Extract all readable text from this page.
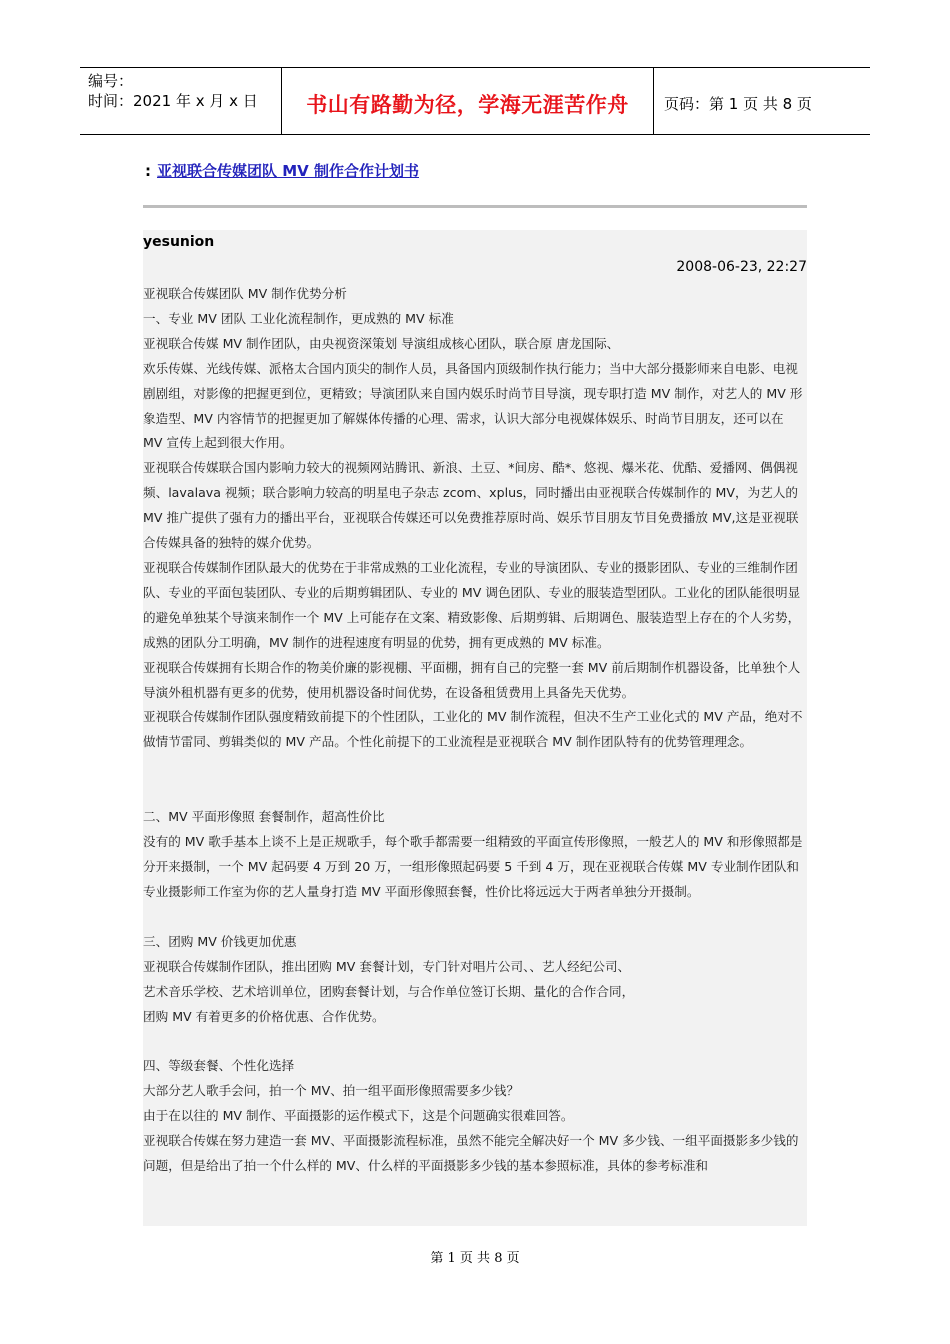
编号：
时间：2021 年 x 月 x 日	书山有路勤为径，学海无涯苦作舟	页码：第 1 页 共 8 页
: 亚视联合传媒团队 MV 制作合作计划书
yesunion
2008-06-23, 22:27

亚视联合传媒团队 MV 制作优势分析

一、专业 MV 团队 工业化流程制作，更成熟的 MV 标准

亚视联合传媒 MV 制作团队，由央视资深策划 导演组成核心团队，联合原 唐龙国际、

欢乐传媒、光线传媒、派格太合国内顶尖的制作人员，具备国内顶级制作执行能力；当中大部分摄影师来自电影、电视剧剧组，对影像的把握更到位，更精致；导演团队来自国内娱乐时尚节目导演，现专职打造 MV 制作，对艺人的 MV 形象造型、MV 内容情节的把握更加了解媒体传播的心理、需求，认识大部分电视媒体娱乐、时尚节目朋友，还可以在 MV 宣传上起到很大作用。

亚视联合传媒联合国内影响力较大的视频网站腾讯、新浪、土豆、*间房、酷*、悠视、爆米花、优酷、爱播网、偶偶视频、lavalava 视频；联合影响力较高的明星电子杂志 zcom、xplus，同时播出由亚视联合传媒制作的 MV，为艺人的 MV 推广提供了强有力的播出平台，亚视联合传媒还可以免费推荐原时尚、娱乐节目朋友节目免费播放 MV,这是亚视联合传媒具备的独特的媒介优势。

亚视联合传媒制作团队最大的优势在于非常成熟的工业化流程，专业的导演团队、专业的摄影团队、专业的三维制作团队、专业的平面包装团队、专业的后期剪辑团队、专业的 MV 调色团队、专业的服装造型团队。工业化的团队能很明显的避免单独某个导演来制作一个 MV 上可能存在文案、精致影像、后期剪辑、后期调色、服装造型上存在的个人劣势，成熟的团队分工明确，MV 制作的进程速度有明显的优势，拥有更成熟的 MV 标准。

亚视联合传媒拥有长期合作的物美价廉的影视棚、平面棚，拥有自己的完整一套 MV 前后期制作机器设备，比单独个人导演外租机器有更多的优势，使用机器设备时间优势，在设备租赁费用上具备先天优势。

亚视联合传媒制作团队强度精致前提下的个性团队，工业化的 MV 制作流程，但决不生产工业化式的 MV 产品，绝对不做情节雷同、剪辑类似的 MV 产品。个性化前提下的工业流程是亚视联合 MV 制作团队特有的优势管理理念。

二、MV 平面形像照 套餐制作，超高性价比

没有的 MV 歌手基本上谈不上是正规歌手，每个歌手都需要一组精致的平面宣传形像照，一般艺人的 MV 和形像照都是分开来摄制，一个 MV 起码要 4 万到 20 万，一组形像照起码要 5 千到 4 万，现在亚视联合传媒 MV 专业制作团队和专业摄影师工作室为你的艺人量身打造 MV 平面形像照套餐，性价比将远远大于两者单独分开摄制。

三、团购 MV 价钱更加优惠

亚视联合传媒制作团队，推出团购 MV 套餐计划，专门针对唱片公司、、艺人经纪公司、

艺术音乐学校、艺术培训单位，团购套餐计划，与合作单位签订长期、量化的合作合同，

团购 MV 有着更多的价格优惠、合作优势。

四、等级套餐、个性化选择

大部分艺人歌手会问，拍一个 MV、拍一组平面形像照需要多少钱？

由于在以往的 MV 制作、平面摄影的运作模式下，这是个问题确实很难回答。

亚视联合传媒在努力建造一套 MV、平面摄影流程标准，虽然不能完全解决好一个 MV 多少钱、一组平面摄影多少钱的问题，但是给出了拍一个什么样的 MV、什么样的平面摄影多少钱的基本参照标准，具体的参考标准和

第 1 页 共 8 页
